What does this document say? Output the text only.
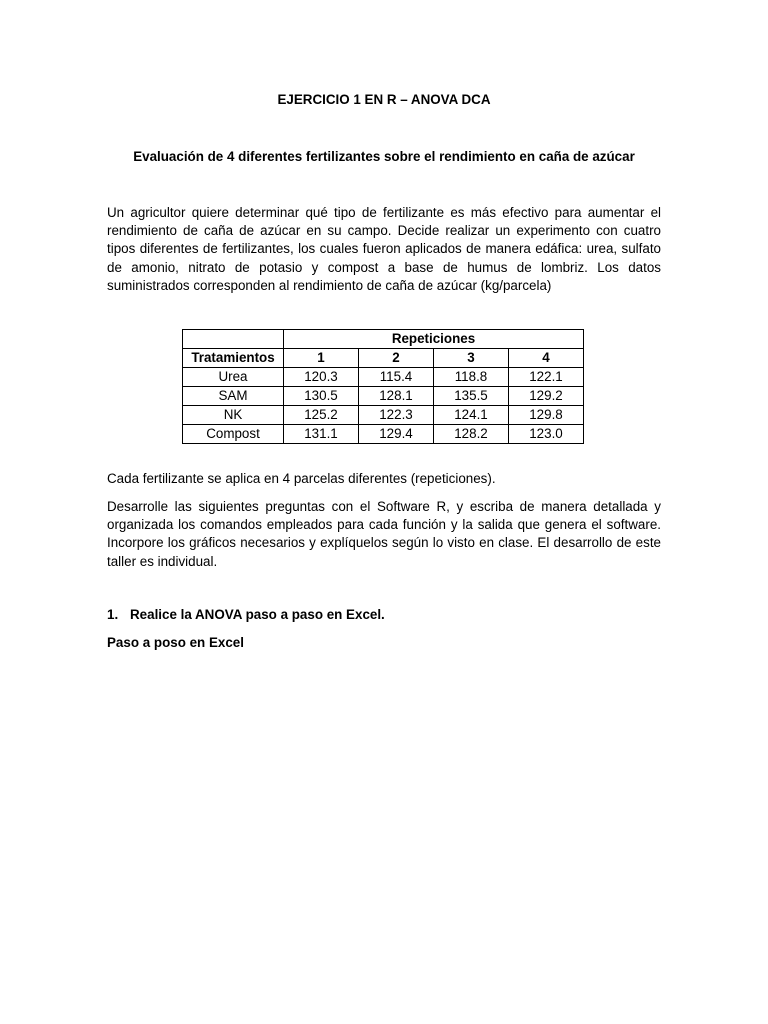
EJERCICIO 1 EN R – ANOVA DCA
Evaluación de 4 diferentes fertilizantes sobre el rendimiento en caña de azúcar
Un agricultor quiere determinar qué tipo de fertilizante es más efectivo para aumentar el rendimiento de caña de azúcar en su campo. Decide realizar un experimento con cuatro tipos diferentes de fertilizantes, los cuales fueron aplicados de manera edáfica: urea, sulfato de amonio, nitrato de potasio y compost a base de humus de lombriz. Los datos suministrados corresponden al rendimiento de caña de azúcar (kg/parcela)
	Repeticiones			
Tratamientos	1	2	3	4
Urea	120.3	115.4	118.8	122.1
SAM	130.5	128.1	135.5	129.2
NK	125.2	122.3	124.1	129.8
Compost	131.1	129.4	128.2	123.0
Cada fertilizante se aplica en 4 parcelas diferentes (repeticiones).
Desarrolle las siguientes preguntas con el Software R, y escriba de manera detallada y organizada los comandos empleados para cada función y la salida que genera el software. Incorpore los gráficos necesarios y explíquelos según lo visto en clase. El desarrollo de este taller es individual.
1. Realice la ANOVA paso a paso en Excel.
Paso a poso en Excel
